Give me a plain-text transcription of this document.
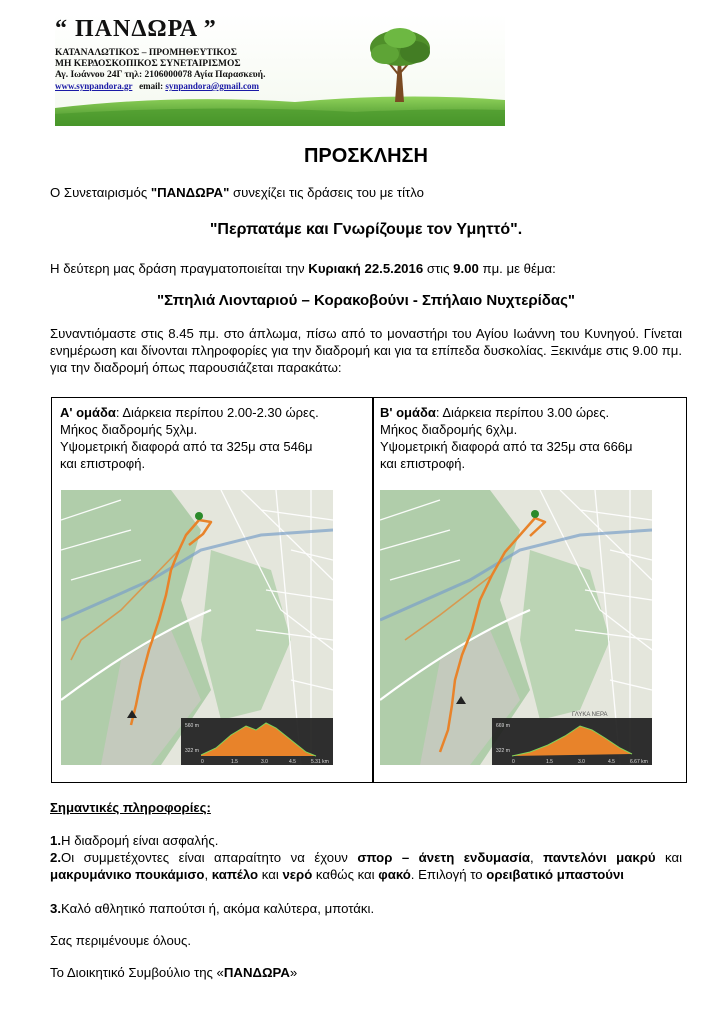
“ ΠΑΝΔΩΡΑ ”
ΚΑΤΑΝΑΛΩΤΙΚΟΣ – ΠΡΟΜΗΘΕΥΤΙΚΟΣ
ΜΗ ΚΕΡΔΟΣΚΟΠΙΚΟΣ ΣΥΝΕΤΑΙΡΙΣΜΟΣ
Αγ. Ιωάννου 24Γ τηλ: 2106000078 Αγία Παρασκευή.
www.synpandora.gr email: synpandora@gmail.com
ΠΡΟΣΚΛΗΣΗ
Ο Συνεταιρισμός "ΠΑΝΔΩΡΑ" συνεχίζει τις δράσεις του με τίτλο
"Περπατάμε και Γνωρίζουμε τον Υμηττό".
Η δεύτερη μας δράση πραγματοποιείται την Κυριακή 22.5.2016 στις 9.00 πμ. με θέμα:
"Σπηλιά Λιονταριού – Κορακοβούνι - Σπήλαιο Νυχτερίδας"
Συναντιόμαστε στις 8.45 πμ. στο άπλωμα, πίσω από το μοναστήρι του Αγίου Ιωάννη του Κυνηγού. Γίνεται ενημέρωση και δίνονται πληροφορίες για την διαδρομή και για τα επίπεδα δυσκολίας. Ξεκινάμε στις 9.00 πμ. για την διαδρομή όπως παρουσιάζεται παρακάτω:
Α' ομάδα: Διάρκεια περίπου 2.00-2.30 ώρες.
Μήκος διαδρομής 5χλμ.
Υψομετρική διαφορά από τα 325μ στα 546μ
και επιστροφή.
Β' ομάδα: Διάρκεια περίπου 3.00 ώρες.
Μήκος διαδρομής 6χλμ.
Υψομετρική διαφορά από τα 325μ στα 666μ
και επιστροφή.
560 m
322 m
0	1.5	3.0	4.5	5.31 km
ΓΛΥΚΑ ΝΕΡΑ
669 m
322 m
0	1.5	3.0	4.5	6.67 km
Σημαντικές πληροφορίες:
1.Η διαδρομή είναι ασφαλής.
2.Οι συμμετέχοντες είναι απαραίτητο να έχουν σπορ – άνετη ενδυμασία, παντελόνι μακρύ και μακρυμάνικο πουκάμισο, καπέλο και νερό καθώς και φακό. Επιλογή το ορειβατικό μπαστούνι
3.Καλό αθλητικό παπούτσι ή, ακόμα καλύτερα, μποτάκι.
Σας περιμένουμε όλους.
Το Διοικητικό Συμβούλιο της «ΠΑΝΔΩΡΑ»
